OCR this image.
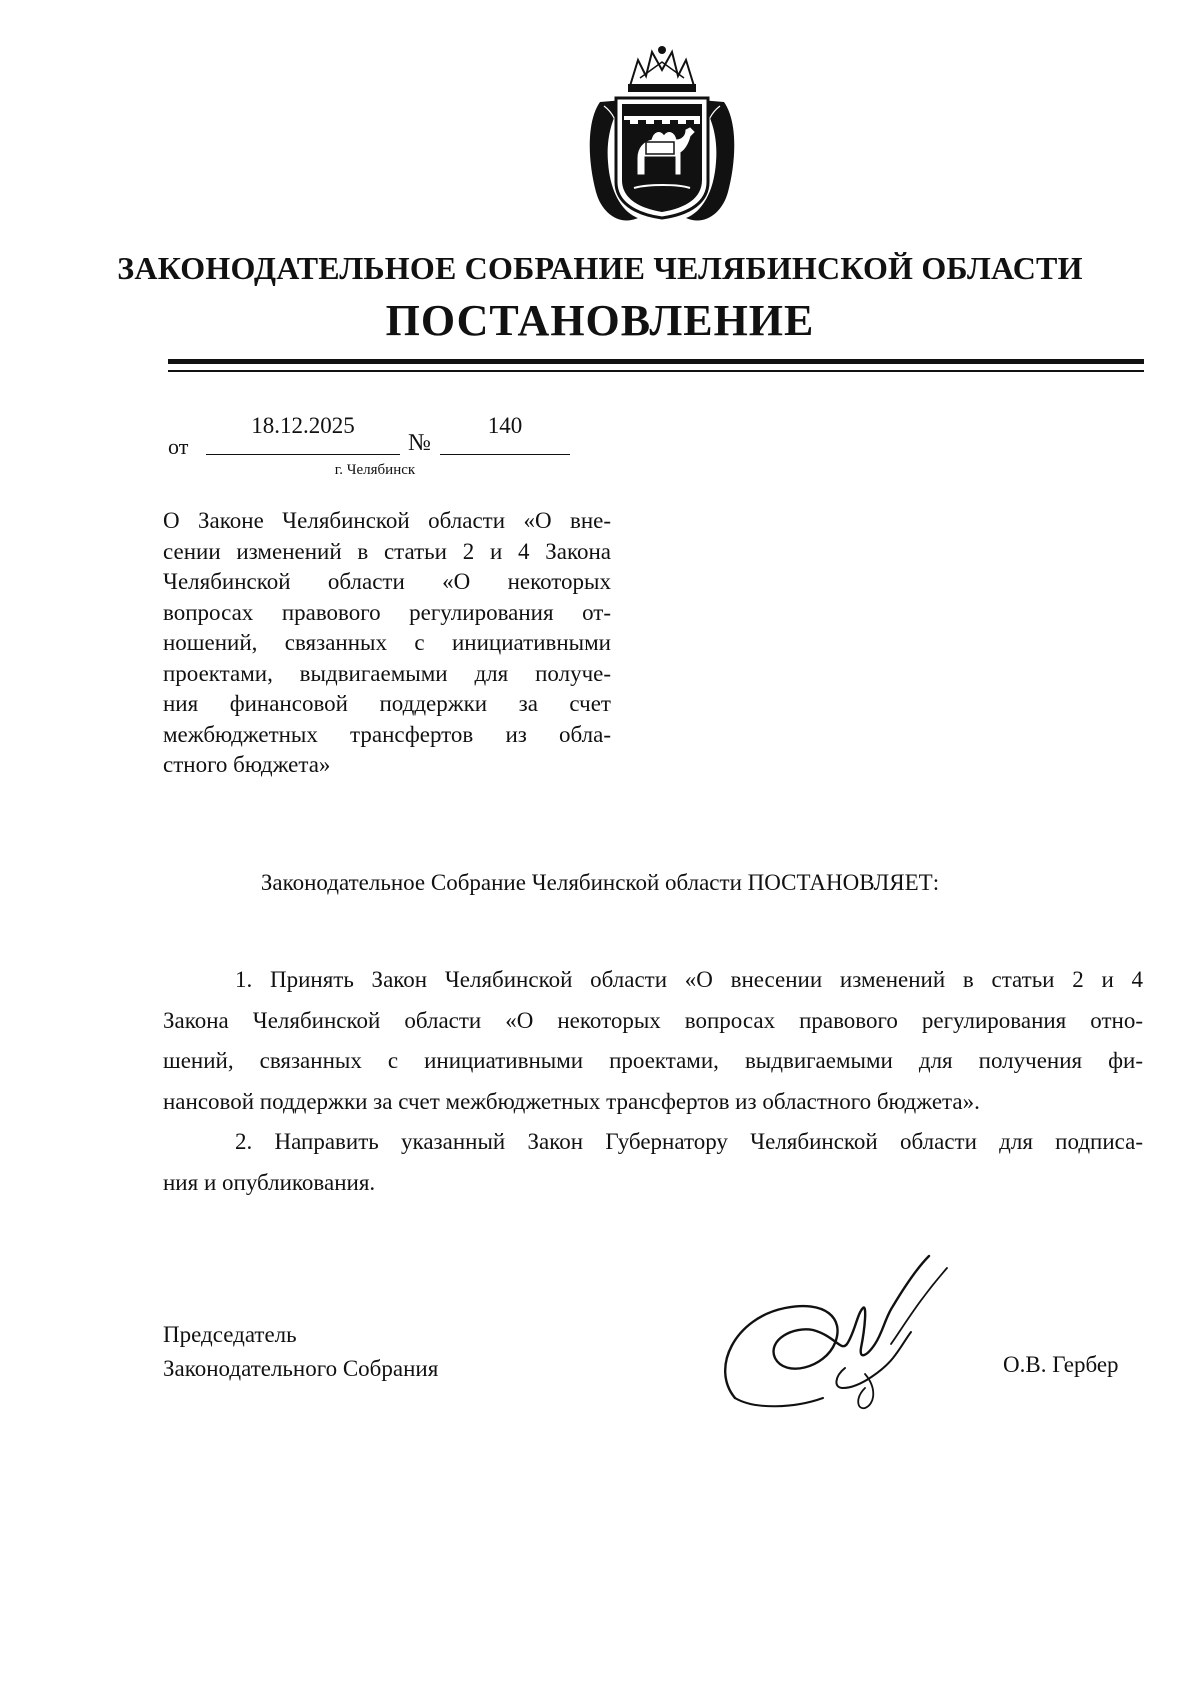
ЗАКОНОДАТЕЛЬНОЕ СОБРАНИЕ ЧЕЛЯБИНСКОЙ ОБЛАСТИ
ПОСТАНОВЛЕНИЕ
от
18.12.2025
№
140
г. Челябинск
О Законе Челябинской области «О вне-
сении изменений в статьи 2 и 4 Закона
Челябинской области «О некоторых
вопросах правового регулирования от-
ношений, связанных с инициативными
проектами, выдвигаемыми для получе-
ния финансовой поддержки за счет
межбюджетных трансфертов из обла-
стного бюджета»

Законодательное Собрание Челябинской области ПОСТАНОВЛЯЕТ:

1. Принять Закон Челябинской области «О внесении изменений в статьи 2 и 4
Закона Челябинской области «О некоторых вопросах правового регулирования отно-
шений, связанных с инициативными проектами, выдвигаемыми для получения фи-
нансовой поддержки за счет межбюджетных трансфертов из областного бюджета».
2. Направить указанный Закон Губернатору Челябинской области для подписа-
ния и опубликования.
Председатель
Законодательного Собрания	О.В. Гербер
